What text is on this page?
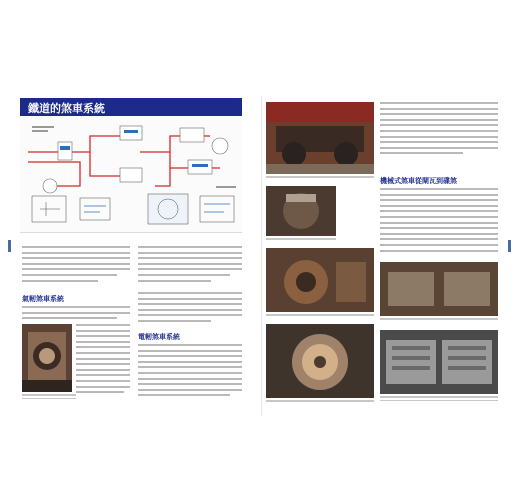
鐵道的煞車系統
氣軔煞車系統
電軔煞車系統
機械式煞車從閘瓦到碟煞
